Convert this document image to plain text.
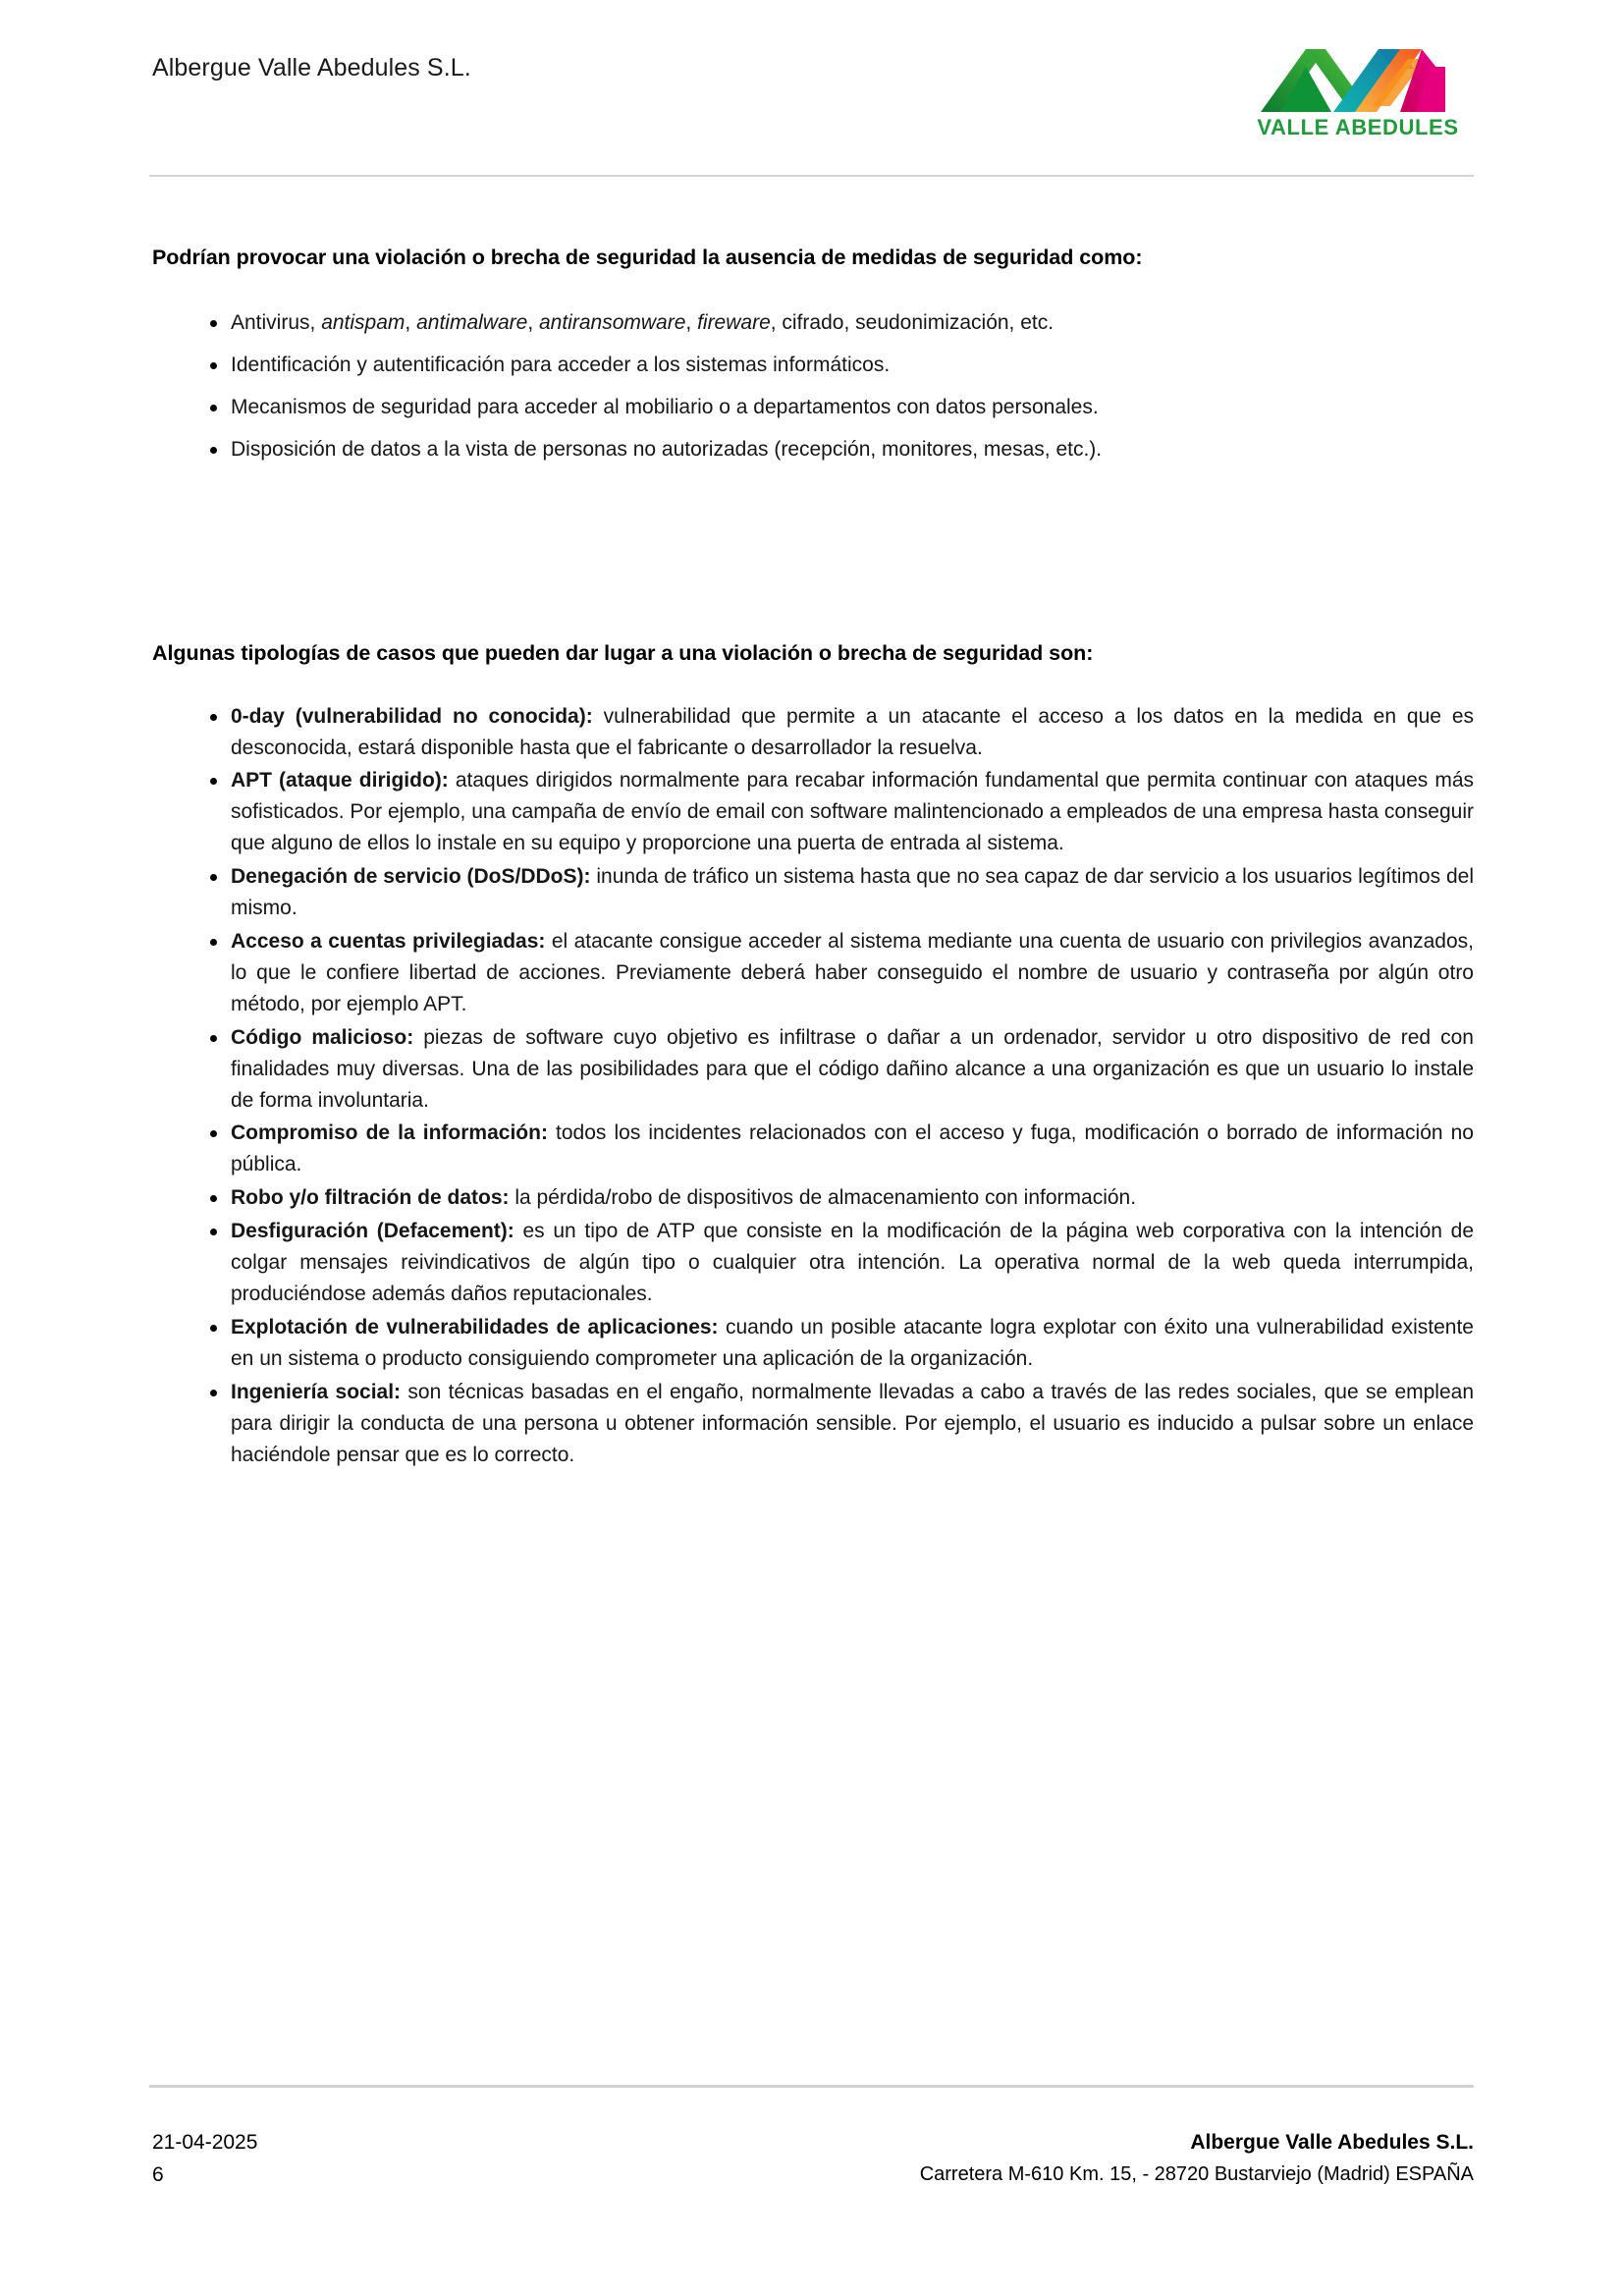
Albergue Valle Abedules S.L.
VALLE ABEDULES
Podrían provocar una violación o brecha de seguridad la ausencia de medidas de seguridad como:
Antivirus, antispam, antimalware, antiransomware, fireware, cifrado, seudonimización, etc.
Identificación y autentificación para acceder a los sistemas informáticos.
Mecanismos de seguridad para acceder al mobiliario o a departamentos con datos personales.
Disposición de datos a la vista de personas no autorizadas (recepción, monitores, mesas, etc.).
Algunas tipologías de casos que pueden dar lugar a una violación o brecha de seguridad son:
0-day (vulnerabilidad no conocida): vulnerabilidad que permite a un atacante el acceso a los datos en la medida en que es desconocida, estará disponible hasta que el fabricante o desarrollador la resuelva.
APT (ataque dirigido): ataques dirigidos normalmente para recabar información fundamental que permita continuar con ataques más sofisticados. Por ejemplo, una campaña de envío de email con software malintencionado a empleados de una empresa hasta conseguir que alguno de ellos lo instale en su equipo y proporcione una puerta de entrada al sistema.
Denegación de servicio (DoS/DDoS): inunda de tráfico un sistema hasta que no sea capaz de dar servicio a los usuarios legítimos del mismo.
Acceso a cuentas privilegiadas: el atacante consigue acceder al sistema mediante una cuenta de usuario con privilegios avanzados, lo que le confiere libertad de acciones. Previamente deberá haber conseguido el nombre de usuario y contraseña por algún otro método, por ejemplo APT.
Código malicioso: piezas de software cuyo objetivo es infiltrase o dañar a un ordenador, servidor u otro dispositivo de red con finalidades muy diversas. Una de las posibilidades para que el código dañino alcance a una organización es que un usuario lo instale de forma involuntaria.
Compromiso de la información: todos los incidentes relacionados con el acceso y fuga, modificación o borrado de información no pública.
Robo y/o filtración de datos: la pérdida/robo de dispositivos de almacenamiento con información.
Desfiguración (Defacement): es un tipo de ATP que consiste en la modificación de la página web corporativa con la intención de colgar mensajes reivindicativos de algún tipo o cualquier otra intención. La operativa normal de la web queda interrumpida, produciéndose además daños reputacionales.
Explotación de vulnerabilidades de aplicaciones: cuando un posible atacante logra explotar con éxito una vulnerabilidad existente en un sistema o producto consiguiendo comprometer una aplicación de la organización.
Ingeniería social: son técnicas basadas en el engaño, normalmente llevadas a cabo a través de las redes sociales, que se emplean para dirigir la conducta de una persona u obtener información sensible. Por ejemplo, el usuario es inducido a pulsar sobre un enlace haciéndole pensar que es lo correcto.
21-04-2025
6
Albergue Valle Abedules S.L.
Carretera M-610 Km. 15, - 28720 Bustarviejo (Madrid) ESPAÑA
